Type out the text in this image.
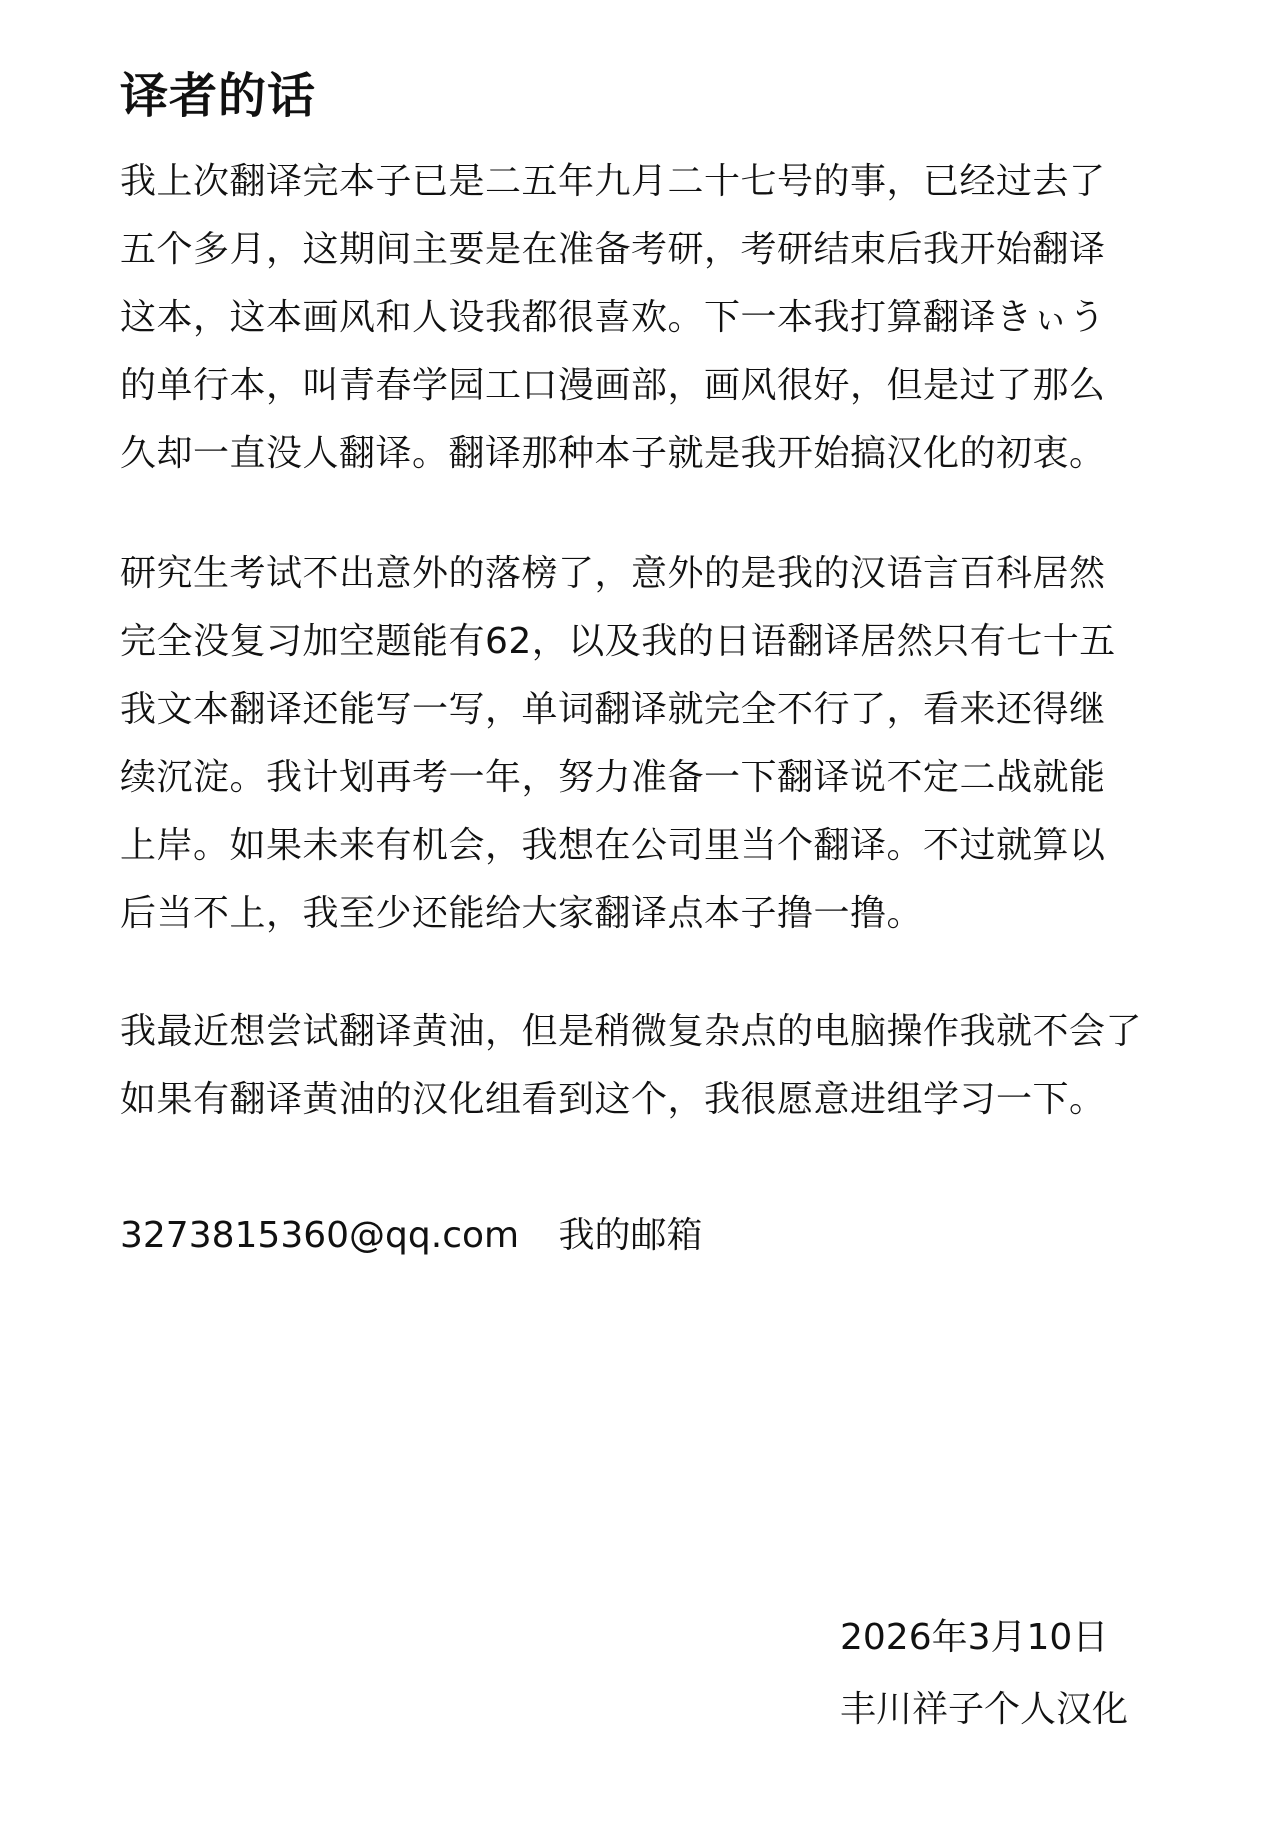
译者的话

我上次翻译完本子已是二五年九月二十七号的事，已经过去了
五个多月，这期间主要是在准备考研，考研结束后我开始翻译
这本，这本画风和人设我都很喜欢。下一本我打算翻译きぃう
的单行本，叫青春学园工口漫画部，画风很好，但是过了那么
久却一直没人翻译。翻译那种本子就是我开始搞汉化的初衷。

研究生考试不出意外的落榜了，意外的是我的汉语言百科居然
完全没复习加空题能有62，以及我的日语翻译居然只有七十五
我文本翻译还能写一写，单词翻译就完全不行了，看来还得继
续沉淀。我计划再考一年，努力准备一下翻译说不定二战就能
上岸。如果未来有机会，我想在公司里当个翻译。不过就算以
后当不上，我至少还能给大家翻译点本子撸一撸。

我最近想尝试翻译黄油，但是稍微复杂点的电脑操作我就不会了
如果有翻译黄油的汉化组看到这个，我很愿意进组学习一下。

3273815360@qq.com 我的邮箱
2026年3月10日
丰川祥子个人汉化
